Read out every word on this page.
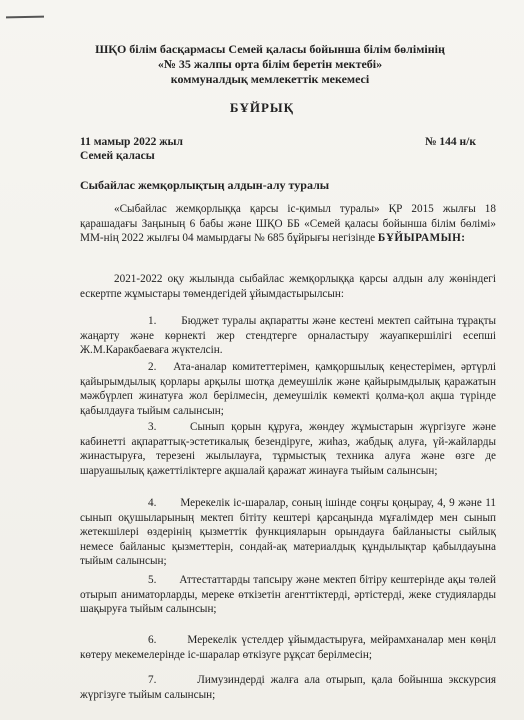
ШҚО білім басқармасы Семей қаласы бойынша білім бөлімінің
«№ 35 жалпы орта білім беретін мектебі»
коммуналдық мемлекеттік мекемесі
БҰЙРЫҚ
11 мамыр 2022 жыл	№ 144 н/к
Семей қаласы
Сыбайлас жемқорлықтың алдын-алу туралы
«Сыбайлас жемқорлыққа қарсы іс-қимыл туралы» ҚР 2015 жылғы 18 қарашадағы Заңының 6 бабы және ШҚО ББ «Семей қаласы бойынша білім бөлімі» ММ-нің 2022 жылғы 04 мамырдағы № 685 бұйрығы негізінде БҰЙЫРАМЫН:
2021-2022 оқу жылында сыбайлас жемқорлыққа қарсы алдын алу жөніндегі ескертпе жұмыстары төмендегідей ұйымдастырылсын:
1. Бюджет туралы ақпаратты және кестені мектеп сайтына тұрақты жаңарту және көрнекті жер стендтерге орналастыру жауапкершілігі есепші Ж.М.Каракбаеваға жүктелсін.
2. Ата-аналар комитеттерімен, қамқоршылық кеңестерімен, әртүрлі қайырымдылық қорлары арқылы шотқа демеушілік және қайырымдылық қаражатын мәжбүрлеп жинатуға жол берілмесін, демеушілік көмекті қолма-қол ақша түрінде қабылдауға тыйым салынсын;
3.	Сынып қорын құруға, жөндеу жұмыстарын жүргізуге және кабинетті ақпараттық-эстетикалық безендіруге, жиһаз, жабдық алуға, үй-жайларды жинастыруға, терезені жылылауға, тұрмыстық техника алуға және өзге де шаруашылық қажеттіліктерге ақшалай қаражат жинауға тыйым салынсын;
4. Мерекелік іс-шаралар, соның ішінде соңғы қоңырау, 4, 9 және 11 сынып оқушыларының мектеп бітіту кештері қарсаңында мұғалімдер мен сынып жетекшілері өздерінің қызметтік функцияларын орындауға байланысты сыйлық немесе байланыс қызметтерін, сондай-ақ материалдық құндылықтар қабылдауына тыйым салынсын;
5. Аттестаттарды тапсыру және мектеп бітіру кештерінде ақы төлей отырып аниматорларды, мереке өткізетін агенттіктерді, әртістерді, жеке студияларды шақыруға тыйым салынсын;
6.	Мерекелік үстелдер ұйымдастыруға, мейрамханалар мен көңіл көтеру мекемелерінде іс-шаралар өткізуге рұқсат берілмесін;
7.	Лимузиндерді жалға ала отырып, қала бойынша экскурсия жүргізуге тыйым салынсын;
